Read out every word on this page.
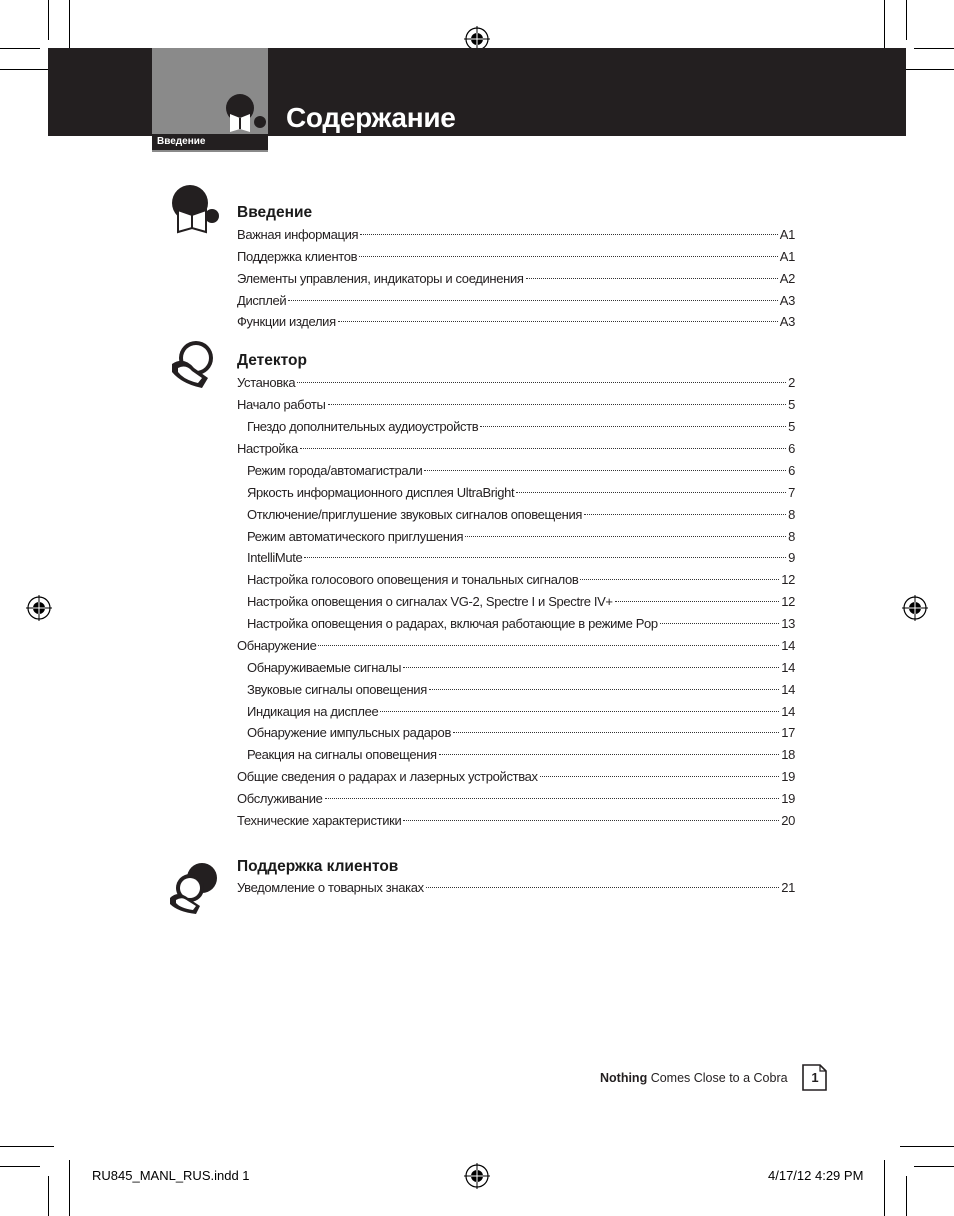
Введение
Содержание
Введение
Детектор
Поддержка клиентов
Важная информация	A1
Поддержка клиентов	A1
Элементы управления, индикаторы и соединения	A2
Дисплей	A3
Функции изделия	A3
Установка	2
Начало работы	5
Гнездо дополнительных аудиоустройств	5
Настройка	6
Режим города/автомагистрали	6
Яркость информационного дисплея UltraBright	7
Отключение/приглушение звуковых сигналов оповещения	8
Режим автоматического приглушения	8
IntelliMute	9
Настройка голосового оповещения и тональных сигналов	12
Настройка оповещения о сигналах VG-2, Spectre I и Spectre IV+	12
Настройка оповещения о радарах, включая работающие в режиме Pop	13
Обнаружение	14
Обнаруживаемые сигналы	14
Звуковые сигналы оповещения	14
Индикация на дисплее	14
Обнаружение импульсных радаров	17
Реакция на сигналы оповещения	18
Общие сведения о радарах и лазерных устройствах	19
Обслуживание	19
Технические характеристики	20
Уведомление о товарных знаках	21
Nothing Comes Close to a Cobra 1
RU845_MANL_RUS.indd 1	4/17/12 4:29 PM
